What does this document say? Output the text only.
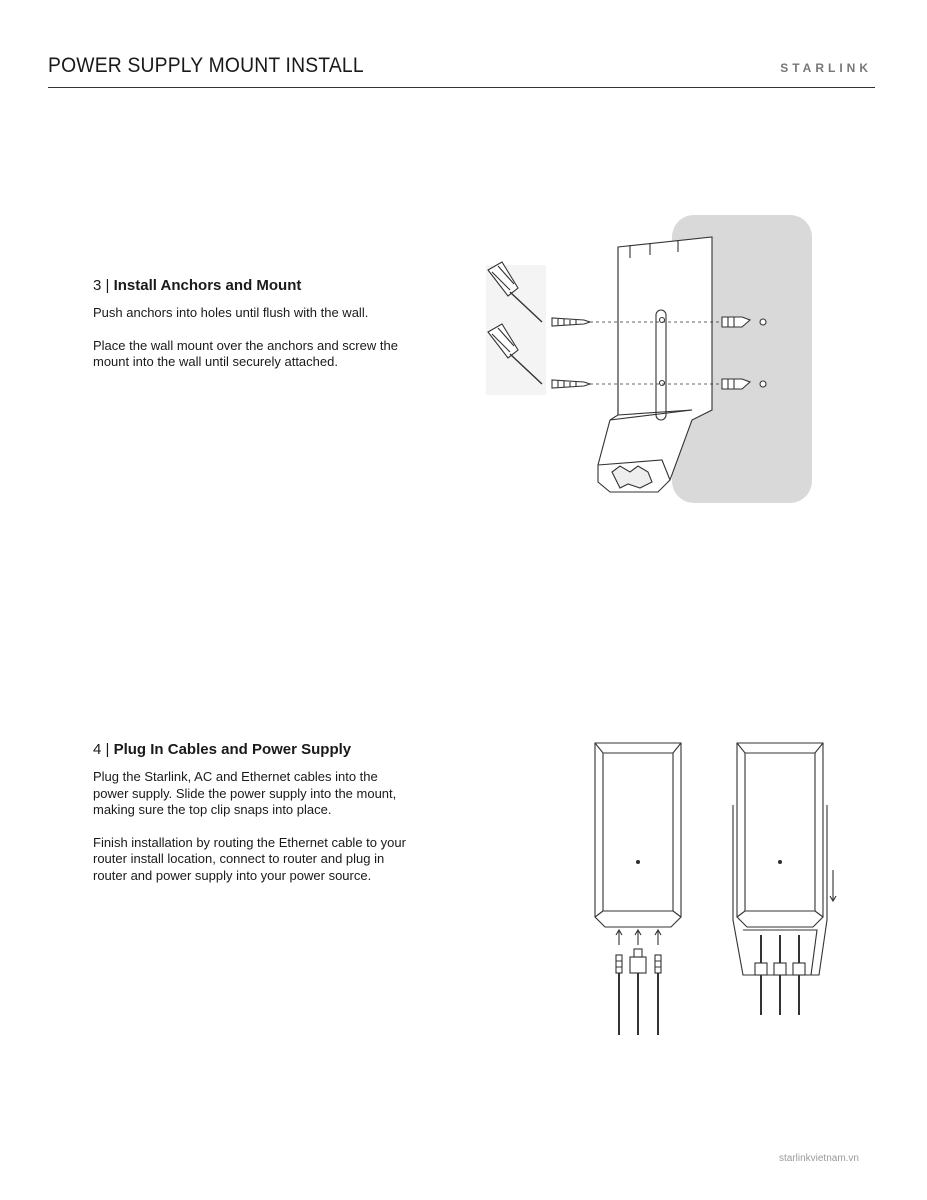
POWER SUPPLY MOUNT INSTALL	STARLINK
3 | Install Anchors and Mount

Push anchors into holes until flush with the wall.

Place the wall mount over the anchors and screw the mount into the wall until securely attached.

4 | Plug In Cables and Power Supply

Plug the Starlink, AC and Ethernet cables into the power supply. Slide the power supply into the mount, making sure the top clip snaps into place.

Finish installation by routing the Ethernet cable to your router install location, connect to router and plug in router and power supply into your power source.

starlinkvietnam.vn
